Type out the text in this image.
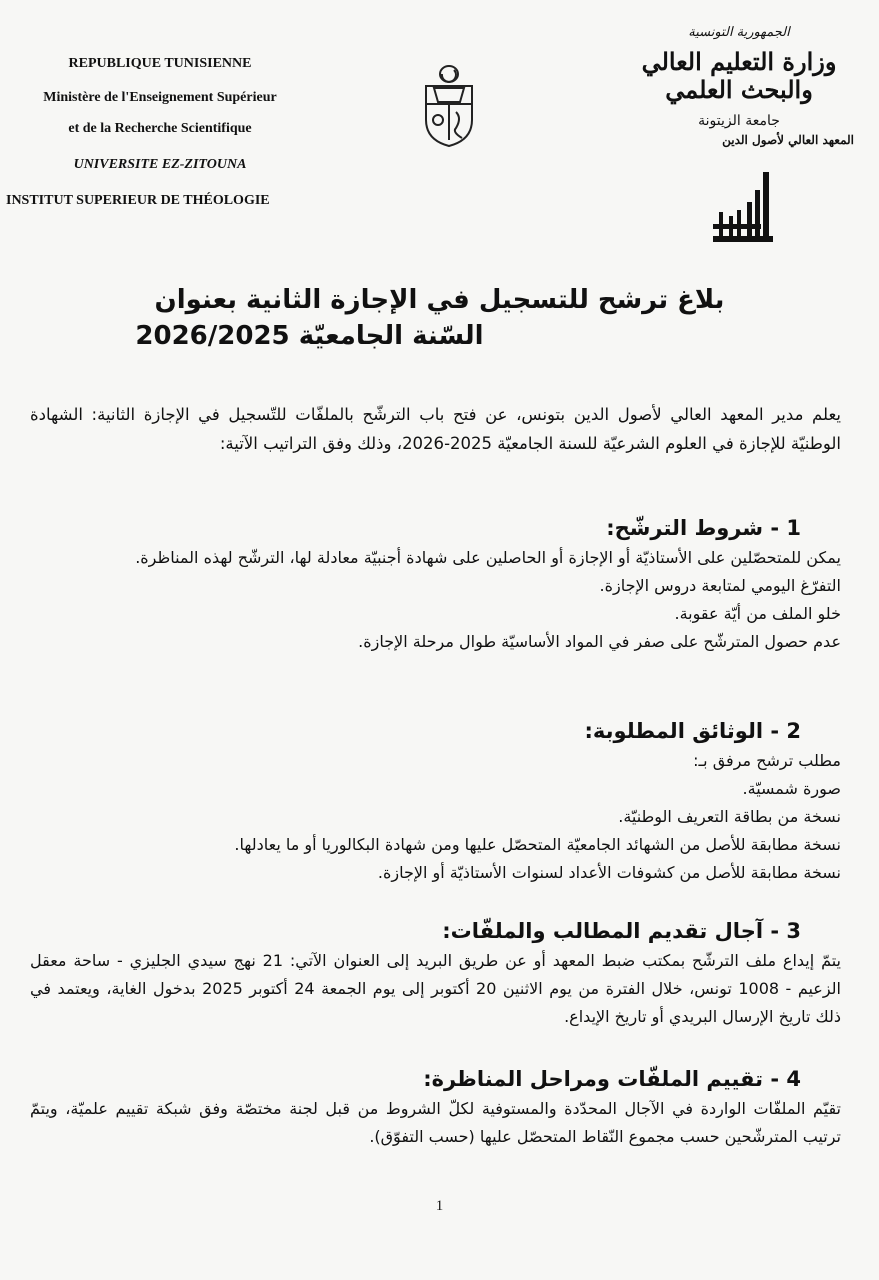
REPUBLIQUE TUNISIENNE
Ministère de l'Enseignement Supérieur
et de la Recherche Scientifique
UNIVERSITE EZ-ZITOUNA
INSTITUT SUPERIEUR DE THÉOLOGIE
الجمهورية التونسية
وزارة التعليم العالي والبحث العلمي
جامعة الزيتونة
المعهد العالي لأصول الدين
بلاغ ترشح للتسجيل في الإجازة الثانية بعنوان
السّنة الجامعيّة 2026/2025
يعلم مدير المعهد العالي لأصول الدين بتونس، عن فتح باب الترشّح بالملفّات للتّسجيل في الإجازة الثانية: الشهادة الوطنيّة للإجازة في العلوم الشرعيّة للسنة الجامعيّة 2025-2026، وذلك وفق التراتيب الآتية:
1 - شروط الترشّح:

يمكن للمتحصّلين على الأستاذيّة أو الإجازة أو الحاصلين على شهادة أجنبيّة معادلة لها، الترشّح لهذه المناظرة.

التفرّغ اليومي لمتابعة دروس الإجازة.

خلو الملف من أيّة عقوبة.

عدم حصول المترشّح على صفر في المواد الأساسيّة طوال مرحلة الإجازة.

2 - الوثائق المطلوبة:

مطلب ترشح مرفق بـ:

صورة شمسيّة.

نسخة من بطاقة التعريف الوطنيّة.

نسخة مطابقة للأصل من الشهائد الجامعيّة المتحصّل عليها ومن شهادة البكالوريا أو ما يعادلها.

نسخة مطابقة للأصل من كشوفات الأعداد لسنوات الأستاذيّة أو الإجازة.

3 - آجال تقديم المطالب والملفّات:

يتمّ إيداع ملف الترشّح بمكتب ضبط المعهد أو عن طريق البريد إلى العنوان الآتي: 21 نهج سيدي الجليزي - ساحة معقل الزعيم - 1008 تونس، خلال الفترة من يوم الاثنين 20 أكتوبر إلى يوم الجمعة 24 أكتوبر 2025 بدخول الغاية، ويعتمد في ذلك تاريخ الإرسال البريدي أو تاريخ الإيداع.

4 - تقييم الملفّات ومراحل المناظرة:

تقيّم الملفّات الواردة في الآجال المحدّدة والمستوفية لكلّ الشروط من قبل لجنة مختصّة وفق شبكة تقييم علميّة، ويتمّ ترتيب المترشّحين حسب مجموع النّقاط المتحصّل عليها (حسب التفوّق).

1
